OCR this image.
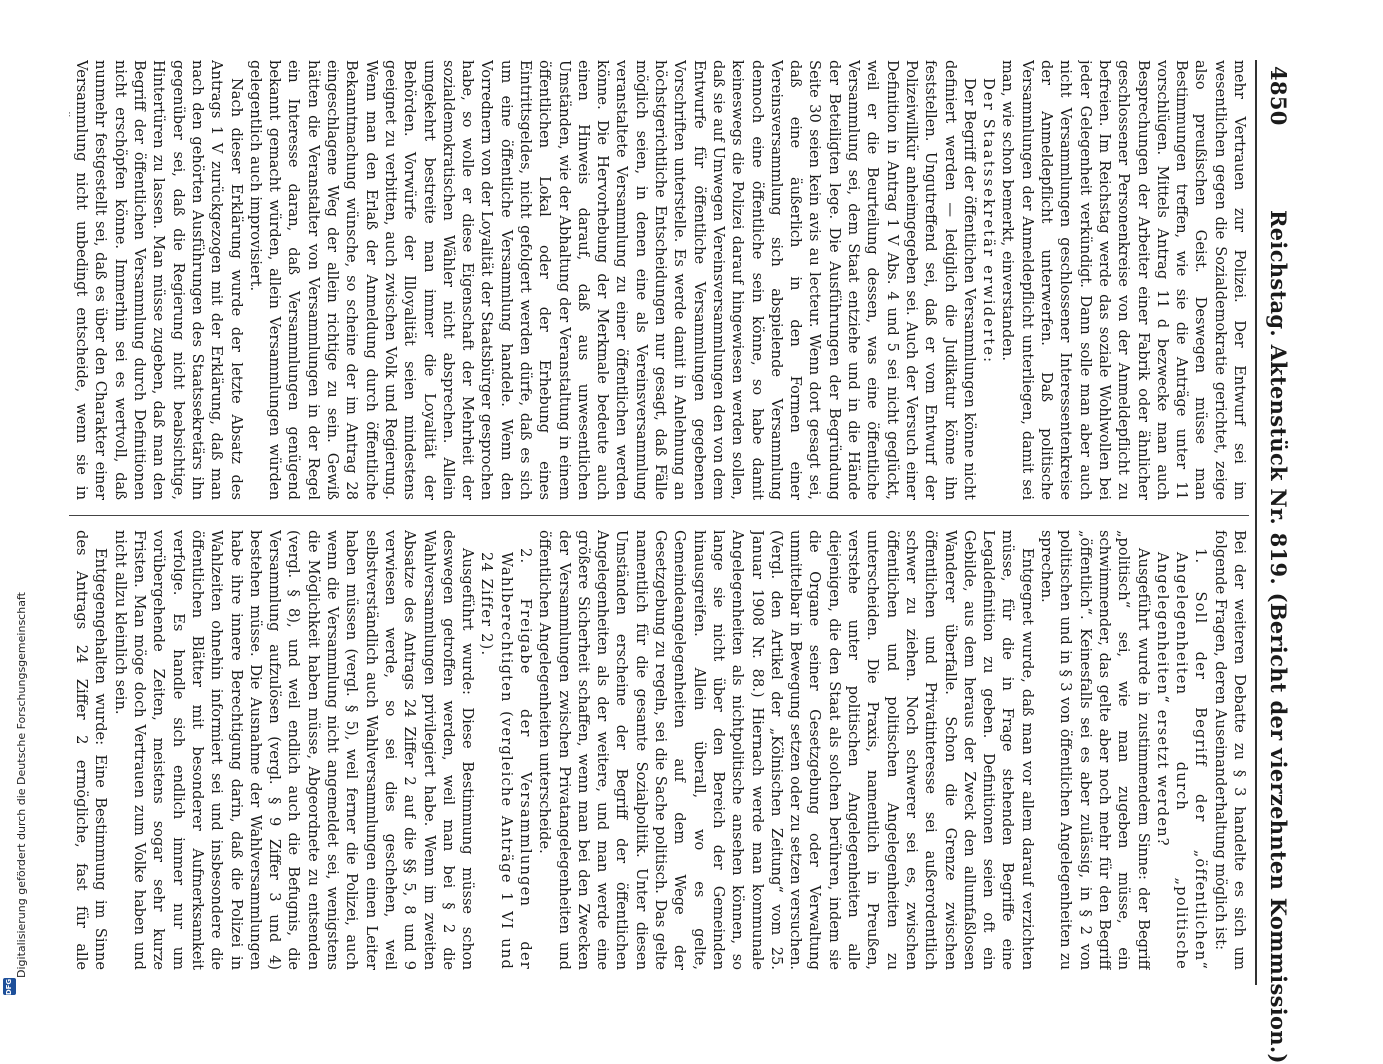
Digitalisierung gefördert durch die Deutsche Forschungsgemeinschaft
DFG
4850
Reichstag. Aktenstück Nr. 819. (Bericht der vierzehnten Kommission.)

mehr Vertrauen zur Polizei. Der Entwurf sei im wesentlichen gegen die Sozialdemokratie gerichtet, zeige also preußischen Geist. Deswegen müsse man Bestimmungen treffen, wie sie die Anträge unter 11 vorschlügen. Mittels Antrag 11 d bezwecke man auch Besprechungen der Arbeiter einer Fabrik oder ähnlicher geschlossener Personenkreise von der Anmeldepflicht zu befreien. Im Reichstag werde das soziale Wohlwollen bei jeder Gelegenheit verkündigt. Dann solle man aber auch nicht Versammlungen geschlossener Interessentenkreise der Anmeldepflicht unterwerfen. Daß politische Versammlungen der Anmeldepflicht unterliegen, damit sei man, wie schon bemerkt, einverstanden.

Der Staatssekretär erwiderte:

Der Begriff der öffentlichen Versammlungen könne nicht definiert werden — lediglich die Judikatur könne ihn feststellen. Ungutreffend sei, daß er vom Entwurf der Polizeiwillkür anheimgegeben sei. Auch der Versuch einer Definition in Antrag 1 V Abs. 4 und 5 sei nicht geglückt, weil er die Beurteilung dessen, was eine öffentliche Versammlung sei, dem Staat entziehe und in die Hände der Beteiligten lege. Die Ausführungen der Begründung Seite 30 seien kein avis au lecteur. Wenn dort gesagt sei, daß eine äußerlich in den Formen einer Vereinsversammlung sich abspielende Versammlung dennoch eine öffentliche sein könne, so habe damit keineswegs die Polizei darauf hingewiesen werden sollen, daß sie auf Umwegen Vereinsversammlungen den von dem Entwurfe für öffentliche Versammlungen gegebenen Vorschriften unterstelle. Es werde damit in Anlehnung an höchstgerichtliche Entscheidungen nur gesagt, daß Fälle möglich seien, in denen eine als Vereinsversammlung veranstaltete Versammlung zu einer öffentlichen werden könne. Die Hervorhebung der Merkmale bedeute auch einen Hinweis darauf, daß aus unwesentlichen Umständen, wie der Abhaltung der Veranstaltung in einem öffentlichen Lokal oder der Erhebung eines Eintrittsgeldes, nicht gefolgert werden dürfe, daß es sich um eine öffentliche Versammlung handele. Wenn den Vorrednern von der Loyalität der Staatsbürger gesprochen habe, so wolle er diese Eigenschaft der Mehrheit der sozialdemokratischen Wähler nicht absprechen. Allein umgekehrt bestreite man immer die Loyalität der Behörden. Vorwürfe der Illoyalität seien mindestens geeignet zu verbitten, auch zwischen Volk und Regierung. Wenn man den Erlaß der Anmeldung durch öffentliche Bekanntmachung wünsche, so scheine der im Antrag 28 eingeschlagene Weg der allein richtige zu sein. Gewiß hätten die Veranstalter von Versammlungen in der Regel ein Interesse daran, daß Versammlungen genügend bekannt gemacht würden, allein Versammlungen würden gelegentlich auch improvisiert.

Nach dieser Erklärung wurde der letzte Absatz des Antrags 1 V zurückgezogen mit der Erklärung, daß man nach den gehörten Ausführungen des Staatssekretärs ihn gegenüber sei, daß die Regierung nicht beabsichtige, Hintertüren zu lassen. Man müsse zugeben, daß man den Begriff der öffentlichen Versammlung durch Definitionen nicht erschöpfen könne. Immerhin sei es wertvoll, daß nunmehr festgestellt sei, daß es über den Charakter einer Versammlung nicht unbedingt entscheide, wenn sie in

Bei der weiteren Debatte zu § 3 handelte es sich um folgende Fragen, deren Auseinanderhaltung möglich ist:

1. Soll der Begriff der „öffentlichen“ Angelegenheiten durch „politische Angelegenheiten“ ersetzt werden?

Ausgeführt wurde in zustimmendem Sinne: der Begriff „politisch“ sei, wie man zugeben müsse, ein schwimmender, das gelte aber noch mehr für den Begriff „öffentlich“. Keinesfalls sei es aber zulässig, in § 2 von politischen und in § 3 von öffentlichen Angelegenheiten zu sprechen.

Entgegnet wurde, daß man vor allem darauf verzichten müsse, für die in Frage stehenden Begriffe eine Legaldefinition zu geben. Definitionen seien oft ein Gebilde, aus dem heraus der Zweck den allumfaßlosen Wanderer überfalle. Schon die Grenze zwischen öffentlichen und Privatinteresse sei außerordentlich schwer zu ziehen. Noch schwerer sei es, zwischen öffentlichen und politischen Angelegenheiten zu unterscheiden. Die Praxis, namentlich in Preußen, verstehe unter politischen Angelegenheiten alle diejenigen, die den Staat als solchen berühren, indem sie die Organe seiner Gesetzgebung oder Verwaltung unmittelbar in Bewegung setzen oder zu setzen versuchen. (Vergl. den Artikel der „Kölnischen Zeitung“ vom 25. Januar 1908 Nr. 88.) Hiernach werde man kommunale Angelegenheiten als nichtpolitische ansehen können, so lange sie nicht über den Bereich der Gemeinden hinausgreifen. Allein überall, wo es gelte, Gemeindeangelegenheiten auf dem Wege der Gesetzgebung zu regeln, sei die Sache politisch. Das gelte namentlich für die gesamte Sozialpolitik. Unter diesen Umständen erscheine der Begriff der öffentlichen Angelegenheiten als der weitere, und man werde eine größere Sicherheit schaffen, wenn man bei den Zwecken der Versammlungen zwischen Privatangelegenheiten und öffentlichen Angelegenheiten unterscheide.

2. Freigabe der Versammlungen der Wahlberechtigten (vergleiche Anträge 1 VI und 24 Ziffer 2).

Ausgeführt wurde: Diese Bestimmung müsse schon deswegen getroffen werden, weil man bei § 2 die Wahlversammlungen privilegiert habe. Wenn im zweiten Absatze des Antrags 24 Ziffer 2 auf die §§ 5, 8 und 9 verwiesen werde, so sei dies geschehen, weil selbstverständlich auch Wahlversammlungen einen Leiter haben müssen (vergl. § 5), weil ferner die Polizei, auch wenn die Versammlung nicht angemeldet sei, wenigstens die Möglichkeit haben müsse, Abgeordnete zu entsenden (vergl. § 8), und weil endlich auch die Befugnis, die Versammlung aufzulösen (vergl. § 9 Ziffer 3 und 4) bestehen müsse. Die Ausnahme der Wahlversammlungen habe ihre innere Berechtigung darin, daß die Polizei in Wahlzeiten ohnehin informiert sei und insbesondere die öffentlichen Blätter mit besonderer Aufmerksamkeit verfolge. Es handle sich endlich immer nur um vorübergehende Zeiten, meistens sogar sehr kurze Fristen. Man möge doch Vertrauen zum Volke haben und nicht allzu kleinlich sein.

Entgegengehalten wurde: Eine Bestimmung im Sinne des Antrags 24 Ziffer 2 ermögliche, fast für alle
